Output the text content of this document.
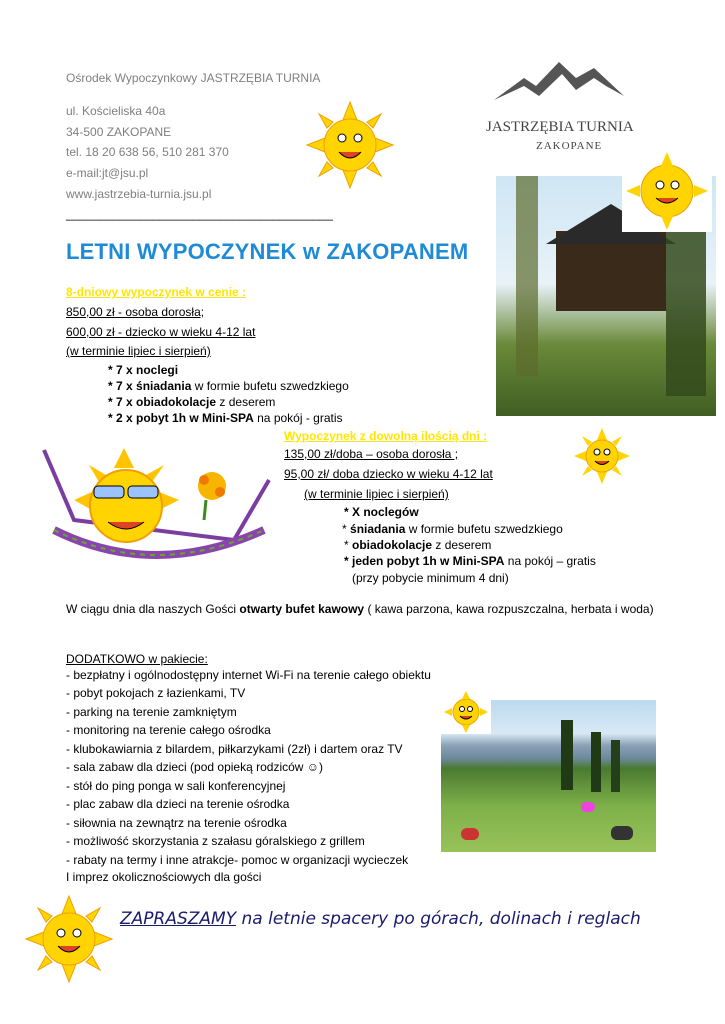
Ośrodek Wypoczynkowy JASTRZĘBIA TURNIA
ul. Kościeliska 40a
34-500 ZAKOPANE
tel. 18 20 638 56, 510 281 370
e-mail:jt@jsu.pl
www.jastrzebia-turnia.jsu.pl
________________________________________
JASTRZĘBIA TURNIA
ZAKOPANE
LETNI WYPOCZYNEK w ZAKOPANEM
8-dniowy wypoczynek w cenie :
850,00 zł - osoba dorosła;
600,00 zł - dziecko w wieku 4-12 lat
(w terminie lipiec i sierpień)
* 7 x noclegi
* 7 x śniadania w formie bufetu szwedzkiego
* 7 x obiadokolacje z deserem
* 2 x pobyt 1h w Mini-SPA na pokój - gratis
Wypoczynek z dowolną ilością dni :
135,00 zł/doba – osoba dorosła ;
95,00 zł/ doba dziecko w wieku 4-12 lat
(w terminie lipiec i sierpień)
* X noclegów
* śniadania w formie bufetu szwedzkiego
* obiadokolacje z deserem
* jeden pobyt 1h w Mini-SPA na pokój – gratis
(przy pobycie minimum 4 dni)
W ciągu dnia dla naszych Gości otwarty bufet kawowy ( kawa parzona, kawa rozpuszczalna, herbata i woda)
DODATKOWO w pakiecie:
- bezpłatny i ogólnodostępny internet Wi-Fi na terenie całego obiektu
- pobyt pokojach z łazienkami, TV
- parking na terenie zamkniętym
- monitoring na terenie całego ośrodka
- klubokawiarnia z bilardem, piłkarzykami (2zł) i dartem oraz TV
- sala zabaw dla dzieci (pod opieką rodziców ☺)
- stół do ping ponga w sali konferencyjnej
- plac zabaw dla dzieci na terenie ośrodka
- siłownia na zewnątrz na terenie ośrodka
- możliwość skorzystania z szałasu góralskiego z grillem
- rabaty na termy i inne atrakcje- pomoc w organizacji wycieczek
I imprez okolicznościowych dla gości
ZAPRASZAMY na letnie spacery po górach, dolinach i reglach
